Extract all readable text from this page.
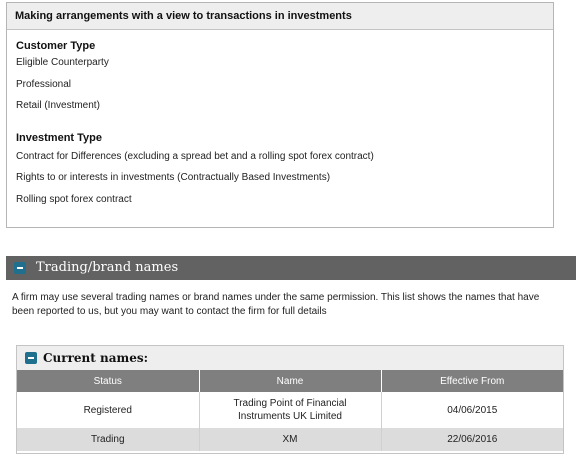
Making arrangements with a view to transactions in investments
Customer Type
Eligible Counterparty
Professional
Retail (Investment)
Investment Type
Contract for Differences (excluding a spread bet and a rolling spot forex contract)
Rights to or interests in investments (Contractually Based Investments)
Rolling spot forex contract
Trading/brand names
A firm may use several trading names or brand names under the same permission. This list shows the names that have been reported to us, but you may want to contact the firm for full details
Current names:
Status	Name	Effective From
Registered	Trading Point of Financial Instruments UK Limited	04/06/2015
Trading	XM	22/06/2016
